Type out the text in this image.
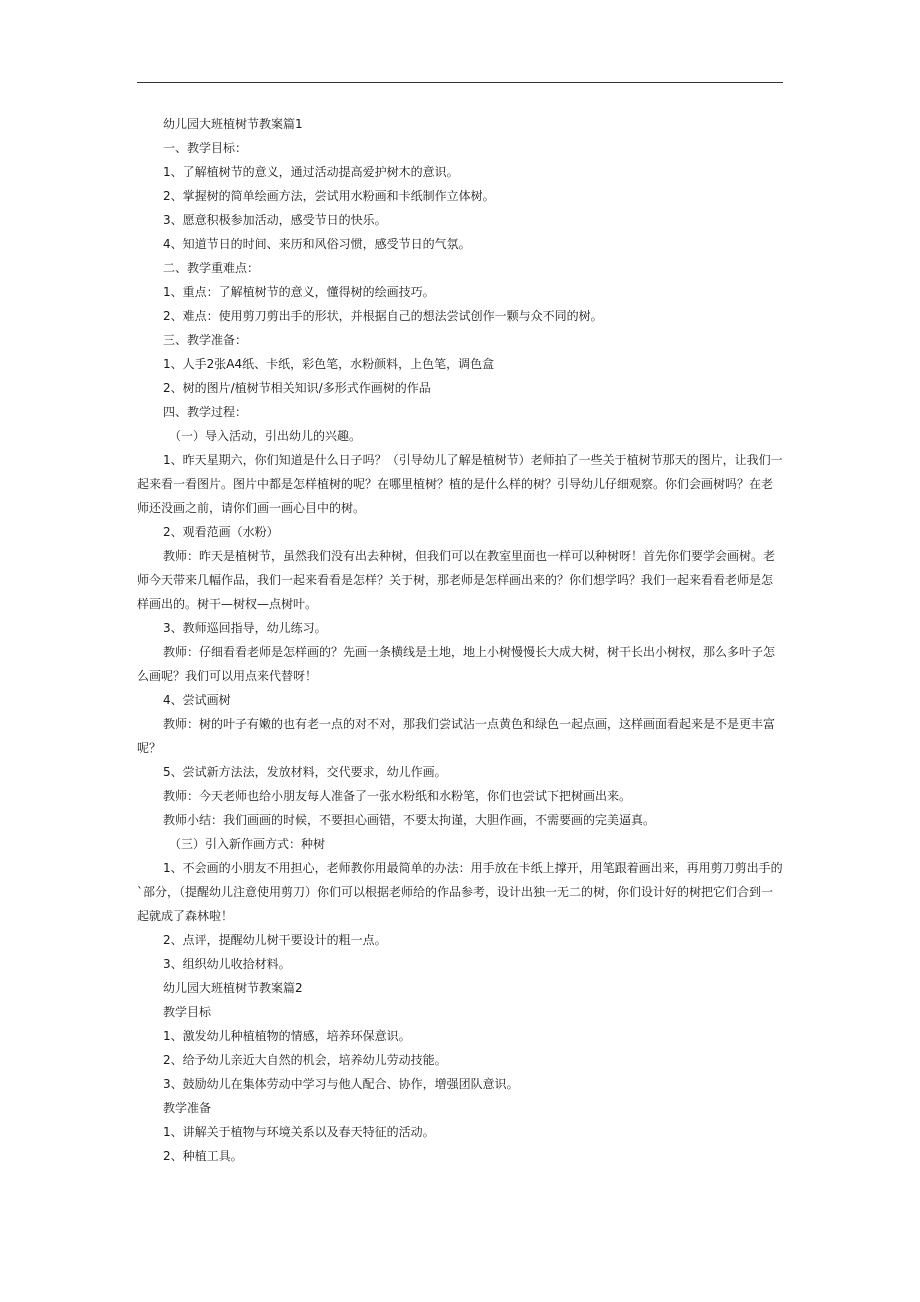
幼儿园大班植树节教案篇1

一、教学目标：

1、了解植树节的意义，通过活动提高爱护树木的意识。

2、掌握树的简单绘画方法，尝试用水粉画和卡纸制作立体树。

3、愿意积极参加活动，感受节日的快乐。

4、知道节日的时间、来历和风俗习惯，感受节日的气氛。

二、教学重难点：

1、重点：了解植树节的意义，懂得树的绘画技巧。

2、难点：使用剪刀剪出手的形状，并根据自己的想法尝试创作一颗与众不同的树。

三、教学准备：

1、人手2张A4纸、卡纸，彩色笔，水粉颜料，上色笔，调色盒

2、树的图片/植树节相关知识/多形式作画树的作品

四、教学过程：

（一）导入活动，引出幼儿的兴趣。

1、昨天星期六，你们知道是什么日子吗？（引导幼儿了解是植树节）老师拍了一些关于植树节那天的图片，让我们一起来看一看图片。图片中都是怎样植树的呢？在哪里植树？植的是什么样的树？引导幼儿仔细观察。你们会画树吗？在老师还没画之前，请你们画一画心目中的树。

2、观看范画（水粉）

教师：昨天是植树节，虽然我们没有出去种树，但我们可以在教室里面也一样可以种树呀！首先你们要学会画树。老师今天带来几幅作品，我们一起来看看是怎样？关于树，那老师是怎样画出来的？你们想学吗？我们一起来看看老师是怎样画出的。树干—树杈—点树叶。

3、教师巡回指导，幼儿练习。

教师：仔细看看老师是怎样画的？先画一条横线是土地，地上小树慢慢长大成大树，树干长出小树杈，那么多叶子怎么画呢？我们可以用点来代替呀！

4、尝试画树

教师：树的叶子有嫩的也有老一点的对不对，那我们尝试沾一点黄色和绿色一起点画，这样画面看起来是不是更丰富呢？

5、尝试新方法法，发放材料，交代要求，幼儿作画。

教师：今天老师也给小朋友每人准备了一张水粉纸和水粉笔，你们也尝试下把树画出来。

教师小结：我们画画的时候，不要担心画错，不要太拘谨，大胆作画，不需要画的完美逼真。

（三）引入新作画方式：种树

1、不会画的小朋友不用担心，老师教你用最简单的办法：用手放在卡纸上撑开，用笔跟着画出来，再用剪刀剪出手的`部分，（提醒幼儿注意使用剪刀）你们可以根据老师给的作品参考，设计出独一无二的树，你们设计好的树把它们合到一起就成了森林啦！

2、点评，提醒幼儿树干要设计的粗一点。

3、组织幼儿收拾材料。

幼儿园大班植树节教案篇2

教学目标

1、激发幼儿种植植物的情感，培养环保意识。

2、给予幼儿亲近大自然的机会，培养幼儿劳动技能。

3、鼓励幼儿在集体劳动中学习与他人配合、协作，增强团队意识。

教学准备

1、讲解关于植物与环境关系以及春天特征的活动。

2、种植工具。
